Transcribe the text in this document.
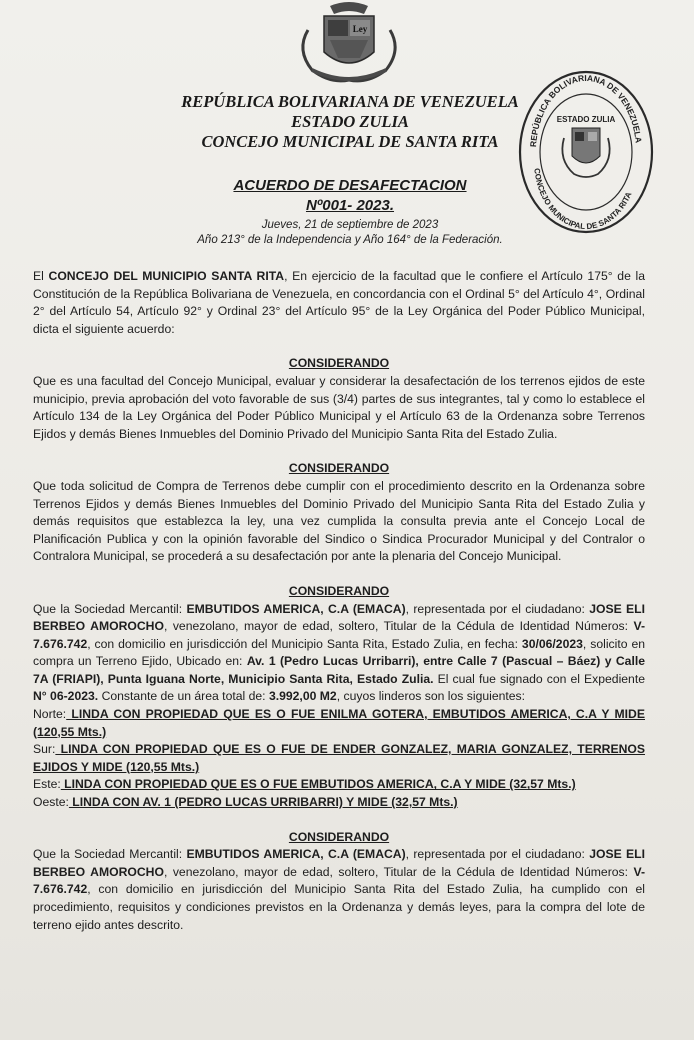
Ley
REPÚBLICA BOLIVARIANA DE VENEZUELA
ESTADO ZULIA
CONCEJO MUNICIPAL DE SANTA RITA	REPÚBLICA BOLIVARIANA DE VENEZUELA
ESTADO ZULIA
CONCEJO MUNICIPAL DE SANTA RITA
ACUERDO DE DESAFECTACION
Nº001- 2023.
Jueves, 21 de septiembre de 2023
Año 213° de la Independencia y Año 164° de la Federación.

El CONCEJO DEL MUNICIPIO SANTA RITA, En ejercicio de la facultad que le confiere el Artículo 175° de la Constitución de la República Bolivariana de Venezuela, en concordancia con el Ordinal 5° del Artículo 4°, Ordinal 2° del Artículo 54, Artículo 92° y Ordinal 23° del Artículo 95° de la Ley Orgánica del Poder Público Municipal, dicta el siguiente acuerdo:

CONSIDERANDO

Que es una facultad del Concejo Municipal, evaluar y considerar la desafectación de los terrenos ejidos de este municipio, previa aprobación del voto favorable de sus (3/4) partes de sus integrantes, tal y como lo establece el Artículo 134 de la Ley Orgánica del Poder Público Municipal y el Artículo 63 de la Ordenanza sobre Terrenos Ejidos y demás Bienes Inmuebles del Dominio Privado del Municipio Santa Rita del Estado Zulia.

CONSIDERANDO

Que toda solicitud de Compra de Terrenos debe cumplir con el procedimiento descrito en la Ordenanza sobre Terrenos Ejidos y demás Bienes Inmuebles del Dominio Privado del Municipio Santa Rita del Estado Zulia y demás requisitos que establezca la ley, una vez cumplida la consulta previa ante el Concejo Local de Planificación Publica y con la opinión favorable del Sindico o Sindica Procurador Municipal y del Contralor o Contralora Municipal, se procederá a su desafectación por ante la plenaria del Concejo Municipal.

CONSIDERANDO

Que la Sociedad Mercantil: EMBUTIDOS AMERICA, C.A (EMACA), representada por el ciudadano: JOSE ELI BERBEO AMOROCHO, venezolano, mayor de edad, soltero, Titular de la Cédula de Identidad Números: V- 7.676.742, con domicilio en jurisdicción del Municipio Santa Rita, Estado Zulia, en fecha: 30/06/2023, solicito en compra un Terreno Ejido, Ubicado en: Av. 1 (Pedro Lucas Urribarri), entre Calle 7 (Pascual – Báez) y Calle 7A (FRIAPI), Punta Iguana Norte, Municipio Santa Rita, Estado Zulia. El cual fue signado con el Expediente N° 06-2023. Constante de un área total de: 3.992,00 M2, cuyos linderos son los siguientes:

Norte: LINDA CON PROPIEDAD QUE ES O FUE ENILMA GOTERA, EMBUTIDOS AMERICA, C.A Y MIDE (120,55 Mts.)

Sur: LINDA CON PROPIEDAD QUE ES O FUE DE ENDER GONZALEZ, MARIA GONZALEZ, TERRENOS EJIDOS Y MIDE (120,55 Mts.)

Este: LINDA CON PROPIEDAD QUE ES O FUE EMBUTIDOS AMERICA, C.A Y MIDE (32,57 Mts.)

Oeste: LINDA CON AV. 1 (PEDRO LUCAS URRIBARRI) Y MIDE (32,57 Mts.)

CONSIDERANDO

Que la Sociedad Mercantil: EMBUTIDOS AMERICA, C.A (EMACA), representada por el ciudadano: JOSE ELI BERBEO AMOROCHO, venezolano, mayor de edad, soltero, Titular de la Cédula de Identidad Números: V- 7.676.742, con domicilio en jurisdicción del Municipio Santa Rita del Estado Zulia, ha cumplido con el procedimiento, requisitos y condiciones previstos en la Ordenanza y demás leyes, para la compra del lote de terreno ejido antes descrito.
